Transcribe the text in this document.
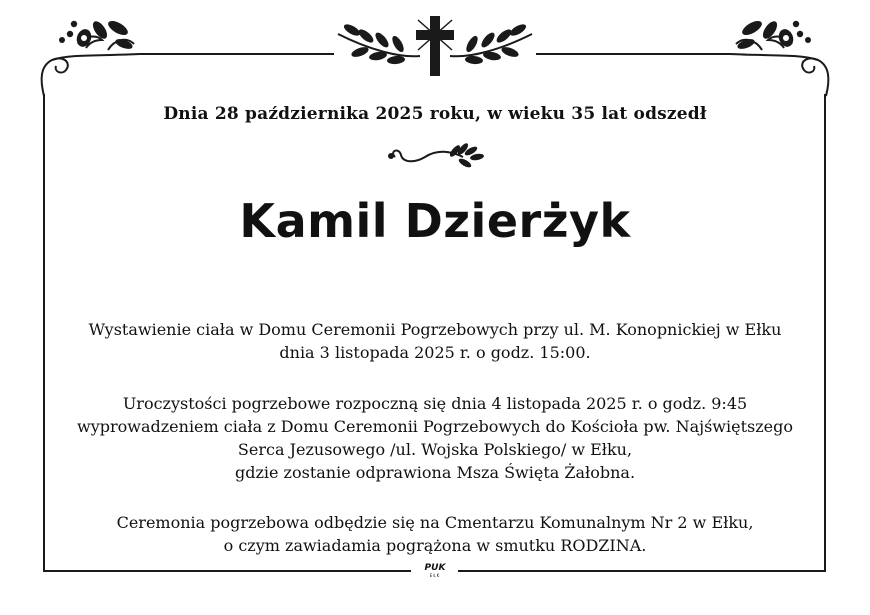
Dnia 28 października 2025 roku, w wieku 35 lat odszedł
Kamil Dzierżyk
Wystawienie ciała w Domu Ceremonii Pogrzebowych przy ul. M. Konopnickiej w Ełku
dnia 3 listopada 2025 r. o godz. 15:00.
Uroczystości pogrzebowe rozpoczną się dnia 4 listopada 2025 r. o godz. 9:45
wyprowadzeniem ciała z Domu Ceremonii Pogrzebowych do Kościoła pw. Najświętszego
Serca Jezusowego /ul. Wojska Polskiego/ w Ełku,
gdzie zostanie odprawiona Msza Święta Żałobna.
Ceremonia pogrzebowa odbędzie się na Cmentarzu Komunalnym Nr 2 w Ełku,
o czym zawiadamia pogrążona w smutku RODZINA.
PUK
EŁK
